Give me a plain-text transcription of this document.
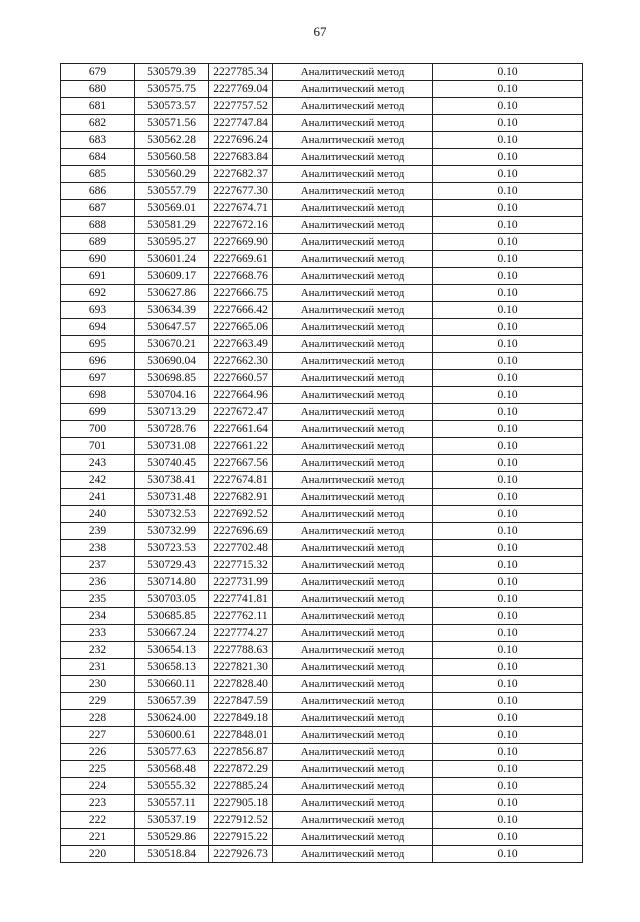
67
679	530579.39	2227785.34	Аналитический метод	0.10
680	530575.75	2227769.04	Аналитический метод	0.10
681	530573.57	2227757.52	Аналитический метод	0.10
682	530571.56	2227747.84	Аналитический метод	0.10
683	530562.28	2227696.24	Аналитический метод	0.10
684	530560.58	2227683.84	Аналитический метод	0.10
685	530560.29	2227682.37	Аналитический метод	0.10
686	530557.79	2227677.30	Аналитический метод	0.10
687	530569.01	2227674.71	Аналитический метод	0.10
688	530581.29	2227672.16	Аналитический метод	0.10
689	530595.27	2227669.90	Аналитический метод	0.10
690	530601.24	2227669.61	Аналитический метод	0.10
691	530609.17	2227668.76	Аналитический метод	0.10
692	530627.86	2227666.75	Аналитический метод	0.10
693	530634.39	2227666.42	Аналитический метод	0.10
694	530647.57	2227665.06	Аналитический метод	0.10
695	530670.21	2227663.49	Аналитический метод	0.10
696	530690.04	2227662.30	Аналитический метод	0.10
697	530698.85	2227660.57	Аналитический метод	0.10
698	530704.16	2227664.96	Аналитический метод	0.10
699	530713.29	2227672.47	Аналитический метод	0.10
700	530728.76	2227661.64	Аналитический метод	0.10
701	530731.08	2227661.22	Аналитический метод	0.10
243	530740.45	2227667.56	Аналитический метод	0.10
242	530738.41	2227674.81	Аналитический метод	0.10
241	530731.48	2227682.91	Аналитический метод	0.10
240	530732.53	2227692.52	Аналитический метод	0.10
239	530732.99	2227696.69	Аналитический метод	0.10
238	530723.53	2227702.48	Аналитический метод	0.10
237	530729.43	2227715.32	Аналитический метод	0.10
236	530714.80	2227731.99	Аналитический метод	0.10
235	530703.05	2227741.81	Аналитический метод	0.10
234	530685.85	2227762.11	Аналитический метод	0.10
233	530667.24	2227774.27	Аналитический метод	0.10
232	530654.13	2227788.63	Аналитический метод	0.10
231	530658.13	2227821.30	Аналитический метод	0.10
230	530660.11	2227828.40	Аналитический метод	0.10
229	530657.39	2227847.59	Аналитический метод	0.10
228	530624.00	2227849.18	Аналитический метод	0.10
227	530600.61	2227848.01	Аналитический метод	0.10
226	530577.63	2227856.87	Аналитический метод	0.10
225	530568.48	2227872.29	Аналитический метод	0.10
224	530555.32	2227885.24	Аналитический метод	0.10
223	530557.11	2227905.18	Аналитический метод	0.10
222	530537.19	2227912.52	Аналитический метод	0.10
221	530529.86	2227915.22	Аналитический метод	0.10
220	530518.84	2227926.73	Аналитический метод	0.10
